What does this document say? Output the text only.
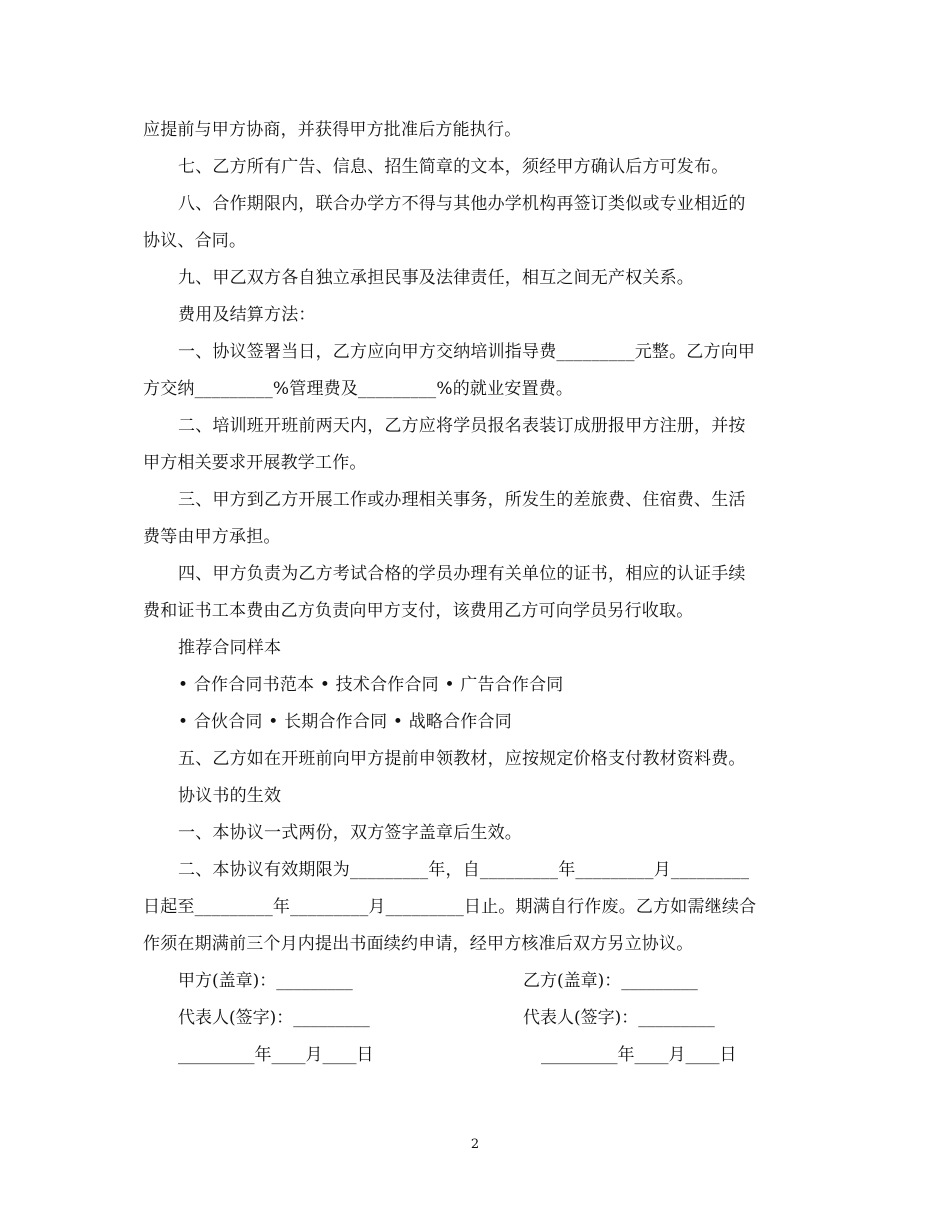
应提前与甲方协商，并获得甲方批准后方能执行。
七、乙方所有广告、信息、招生简章的文本，须经甲方确认后方可发布。
八、合作期限内，联合办学方不得与其他办学机构再签订类似或专业相近的
协议、合同。
九、甲乙双方各自独立承担民事及法律责任，相互之间无产权关系。
费用及结算方法：
一、协议签署当日，乙方应向甲方交纳培训指导费_________元整。乙方向甲
方交纳_________%管理费及_________%的就业安置费。
二、培训班开班前两天内，乙方应将学员报名表装订成册报甲方注册，并按
甲方相关要求开展教学工作。
三、甲方到乙方开展工作或办理相关事务，所发生的差旅费、住宿费、生活
费等由甲方承担。
四、甲方负责为乙方考试合格的学员办理有关单位的证书，相应的认证手续
费和证书工本费由乙方负责向甲方支付，该费用乙方可向学员另行收取。
推荐合同样本
• 合作合同书范本 • 技术合作合同 • 广告合作合同
• 合伙合同 • 长期合作合同 • 战略合作合同
五、乙方如在开班前向甲方提前申领教材，应按规定价格支付教材资料费。
协议书的生效
一、本协议一式两份，双方签字盖章后生效。
二、本协议有效期限为_________年，自_________年_________月_________
日起至_________年_________月_________日止。期满自行作废。乙方如需继续合
作须在期满前三个月内提出书面续约申请，经甲方核准后双方另立协议。
甲方(盖章)：_________	乙方(盖章)：_________
代表人(签字)：_________	代表人(签字)：_________
_________年____月____日	_________年____月____日
2
